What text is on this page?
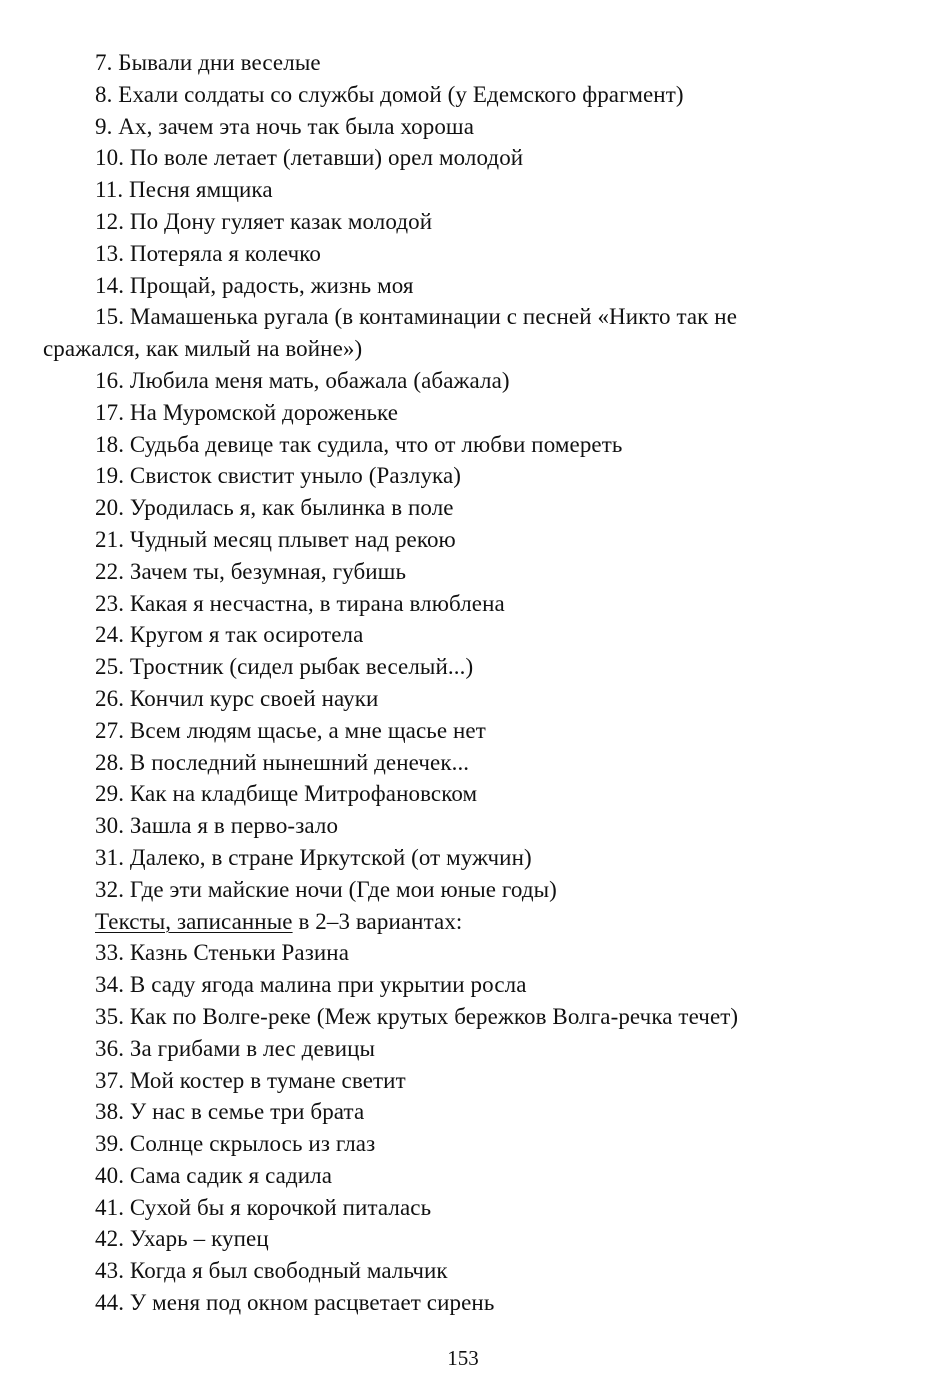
7. Бывали дни веселые
8. Ехали солдаты со службы домой (у Едемского фрагмент)
9. Ах, зачем эта ночь так была хороша
10. По воле летает (летавши) орел молодой
11. Песня ямщика
12. По Дону гуляет казак молодой
13. Потеряла я колечко
14. Прощай, радость, жизнь моя
15. Мамашенька ругала (в контаминации с песней «Никто так не
сражался, как милый на войне»)
16. Любила меня мать, обажала (абажала)
17. На Муромской дороженьке
18. Судьба девице так судила, что от любви помереть
19. Свисток свистит уныло (Разлука)
20. Уродилась я, как былинка в поле
21. Чудный месяц плывет над рекою
22. Зачем ты, безумная, губишь
23. Какая я несчастна, в тирана влюблена
24. Кругом я так осиротела
25. Тростник (сидел рыбак веселый...)
26. Кончил курс своей науки
27. Всем людям щасье, а мне щасье нет
28. В последний нынешний денечек...
29. Как на кладбище Митрофановском
30. Зашла я в перво-зало
31. Далеко, в стране Иркутской (от мужчин)
32. Где эти майские ночи (Где мои юные годы)
Тексты, записанные в 2–3 вариантах:
33. Казнь Стеньки Разина
34. В саду ягода малина при укрытии росла
35. Как по Волге-реке (Меж крутых бережков Волга-речка течет)
36. За грибами в лес девицы
37. Мой костер в тумане светит
38. У нас в семье три брата
39. Солнце скрылось из глаз
40. Сама садик я садила
41. Сухой бы я корочкой питалась
42. Ухарь – купец
43. Когда я был свободный мальчик
44. У меня под окном расцветает сирень
153
